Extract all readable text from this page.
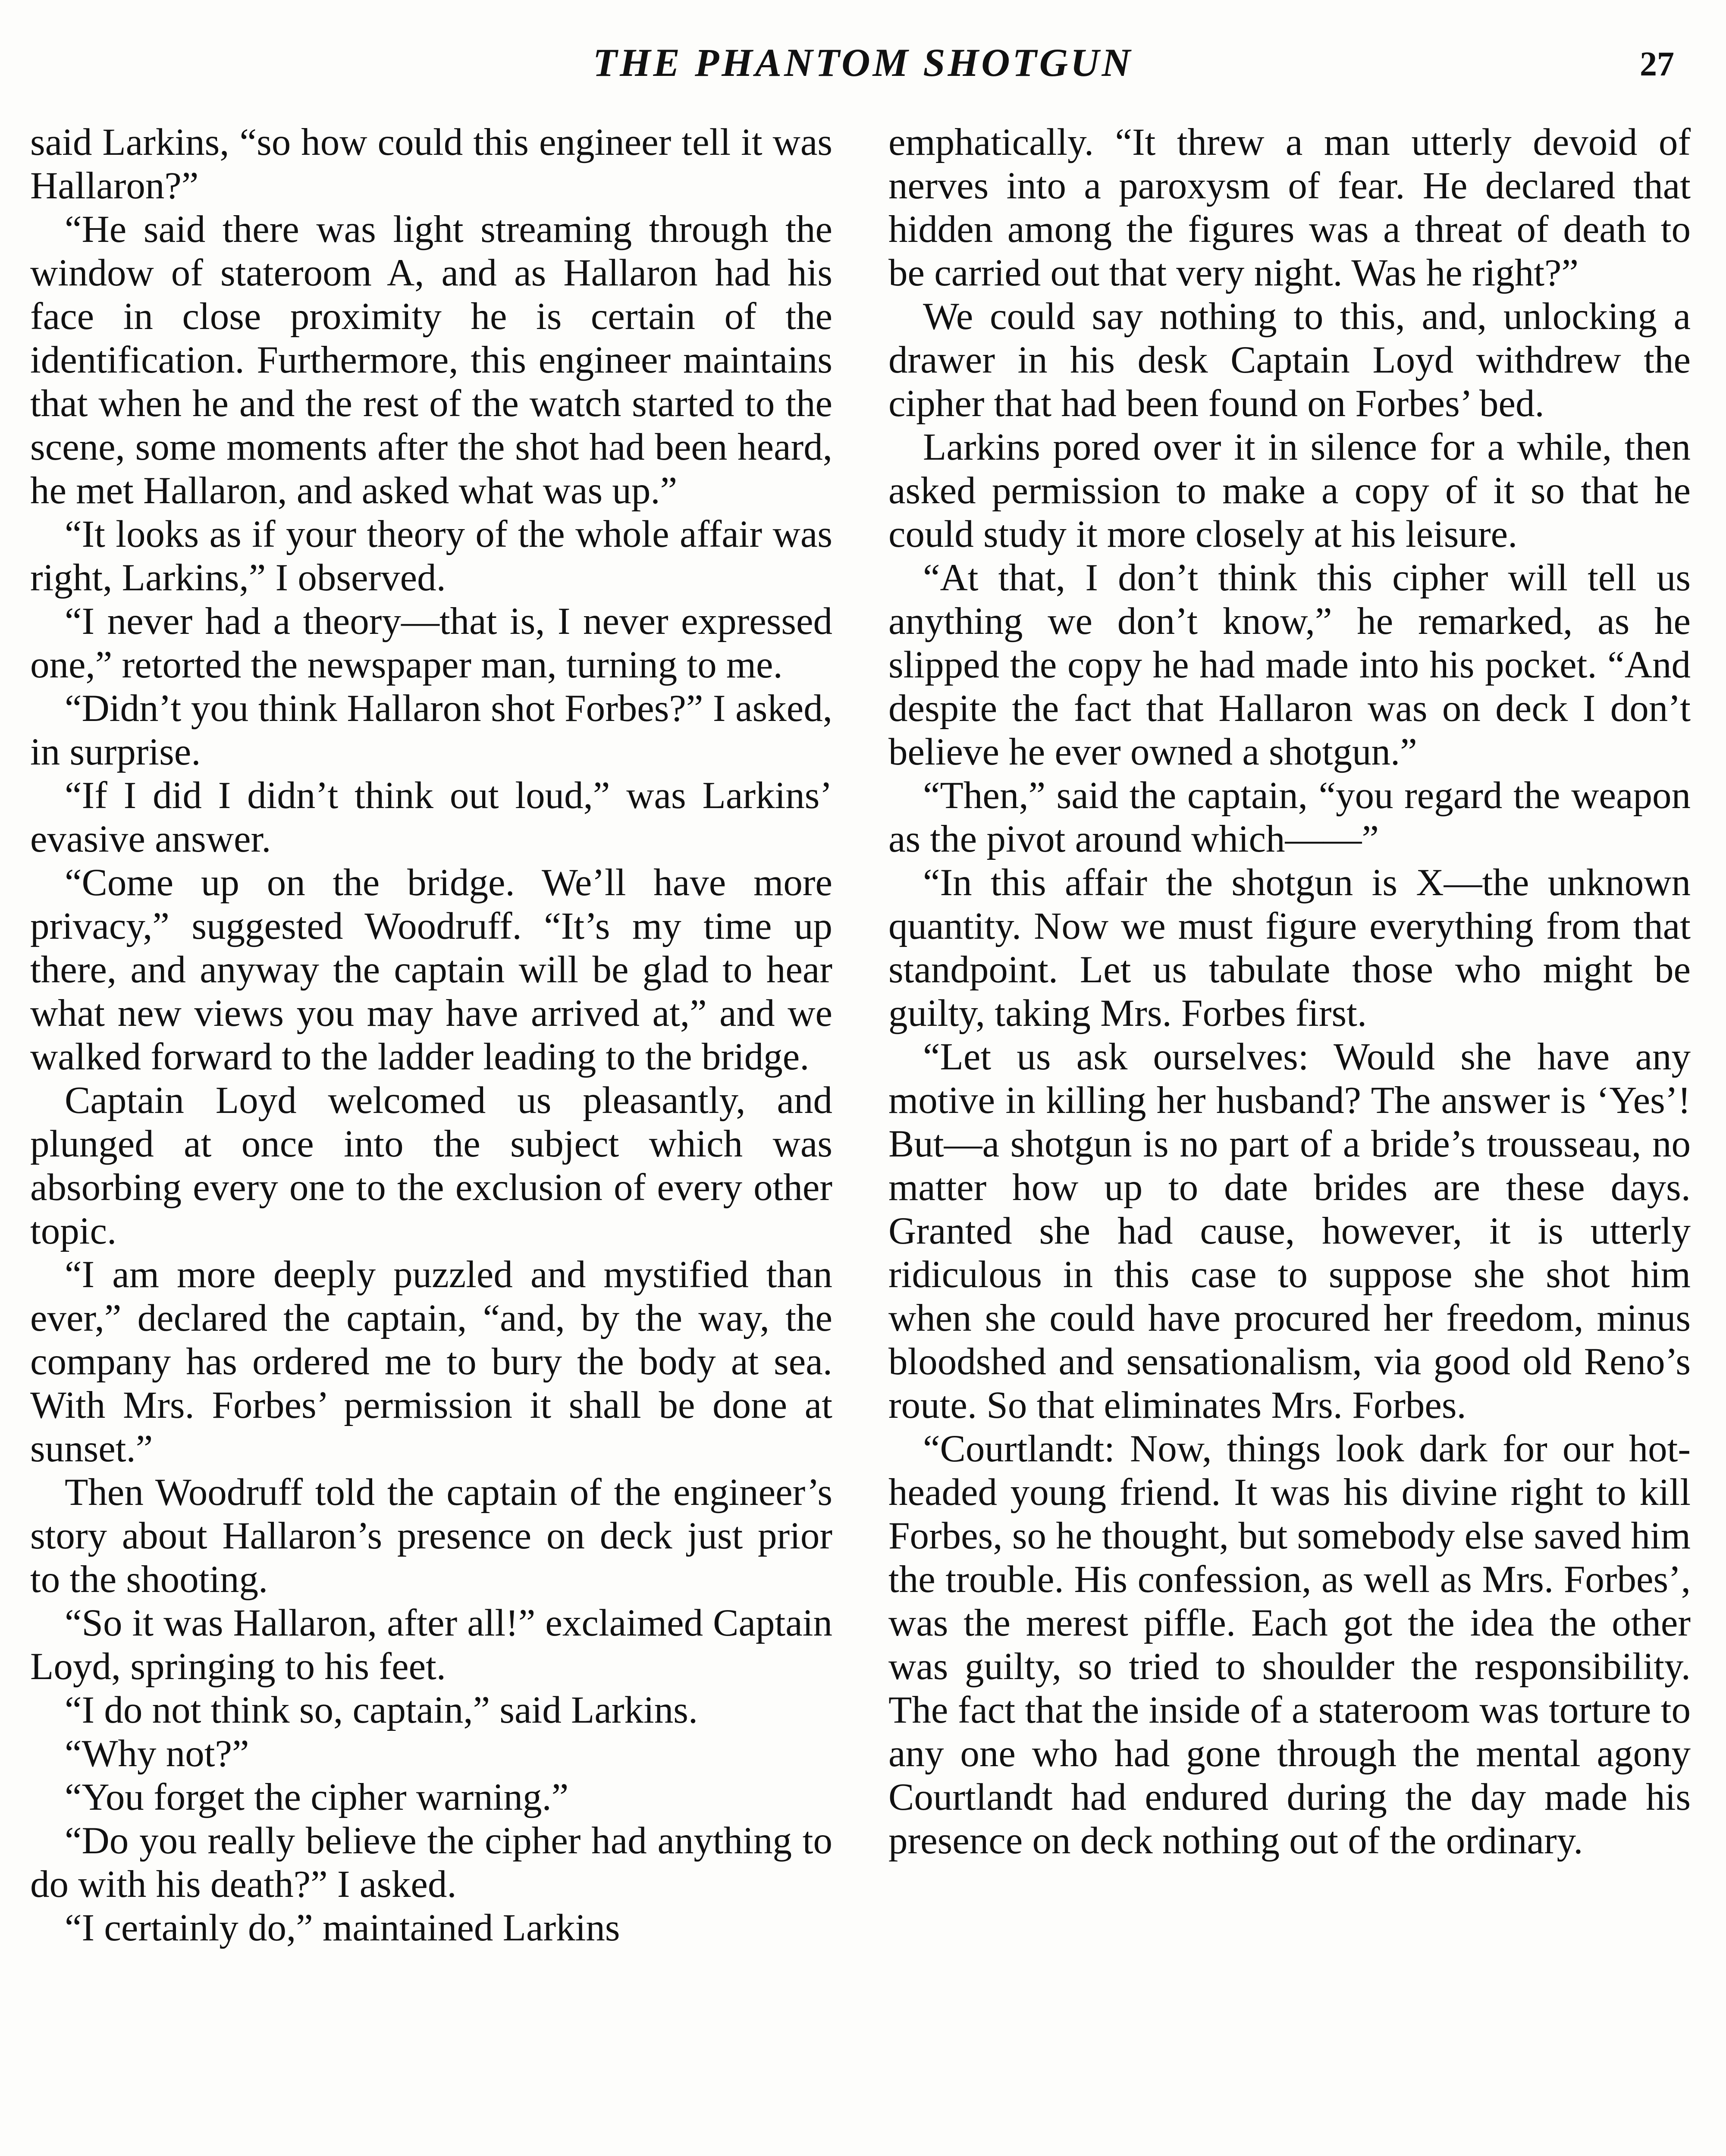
THE PHANTOM SHOTGUN	27

said Larkins, “so how could this engineer tell it was Hallaron?”

“He said there was light streaming through the window of stateroom A, and as Hallaron had his face in close proximity he is certain of the identification. Furthermore, this engineer maintains that when he and the rest of the watch started to the scene, some moments after the shot had been heard, he met Hallaron, and asked what was up.”

“It looks as if your theory of the whole affair was right, Larkins,” I observed.

“I never had a theory—that is, I never expressed one,” retorted the newspaper man, turning to me.

“Didn’t you think Hallaron shot Forbes?” I asked, in surprise.

“If I did I didn’t think out loud,” was Larkins’ evasive answer.

“Come up on the bridge. We’ll have more privacy,” suggested Woodruff. “It’s my time up there, and anyway the captain will be glad to hear what new views you may have arrived at,” and we walked forward to the ladder leading to the bridge.

Captain Loyd welcomed us pleasantly, and plunged at once into the subject which was absorbing every one to the exclusion of every other topic.

“I am more deeply puzzled and mystified than ever,” declared the captain, “and, by the way, the company has ordered me to bury the body at sea. With Mrs. Forbes’ permission it shall be done at sunset.”

Then Woodruff told the captain of the engineer’s story about Hallaron’s presence on deck just prior to the shooting.

“So it was Hallaron, after all!” exclaimed Captain Loyd, springing to his feet.

“I do not think so, captain,” said Larkins.

“Why not?”

“You forget the cipher warning.”

“Do you really believe the cipher had anything to do with his death?” I asked.

“I certainly do,” maintained Larkins

emphatically. “It threw a man utterly devoid of nerves into a paroxysm of fear. He declared that hidden among the figures was a threat of death to be carried out that very night. Was he right?”

We could say nothing to this, and, unlocking a drawer in his desk Captain Loyd withdrew the cipher that had been found on Forbes’ bed.

Larkins pored over it in silence for a while, then asked permission to make a copy of it so that he could study it more closely at his leisure.

“At that, I don’t think this cipher will tell us anything we don’t know,” he remarked, as he slipped the copy he had made into his pocket. “And despite the fact that Hallaron was on deck I don’t believe he ever owned a shotgun.”

“Then,” said the captain, “you regard the weapon as the pivot around which——”

“In this affair the shotgun is X—the unknown quantity. Now we must figure everything from that standpoint. Let us tabulate those who might be guilty, taking Mrs. Forbes first.

“Let us ask ourselves: Would she have any motive in killing her husband? The answer is ‘Yes’! But—a shotgun is no part of a bride’s trousseau, no matter how up to date brides are these days. Granted she had cause, however, it is utterly ridiculous in this case to suppose she shot him when she could have procured her freedom, minus bloodshed and sensationalism, via good old Reno’s route. So that eliminates Mrs. Forbes.

“Courtlandt: Now, things look dark for our hot-headed young friend. It was his divine right to kill Forbes, so he thought, but somebody else saved him the trouble. His confession, as well as Mrs. Forbes’, was the merest piffle. Each got the idea the other was guilty, so tried to shoulder the responsibility. The fact that the inside of a stateroom was torture to any one who had gone through the mental agony Courtlandt had endured during the day made his presence on deck nothing out of the ordinary.
